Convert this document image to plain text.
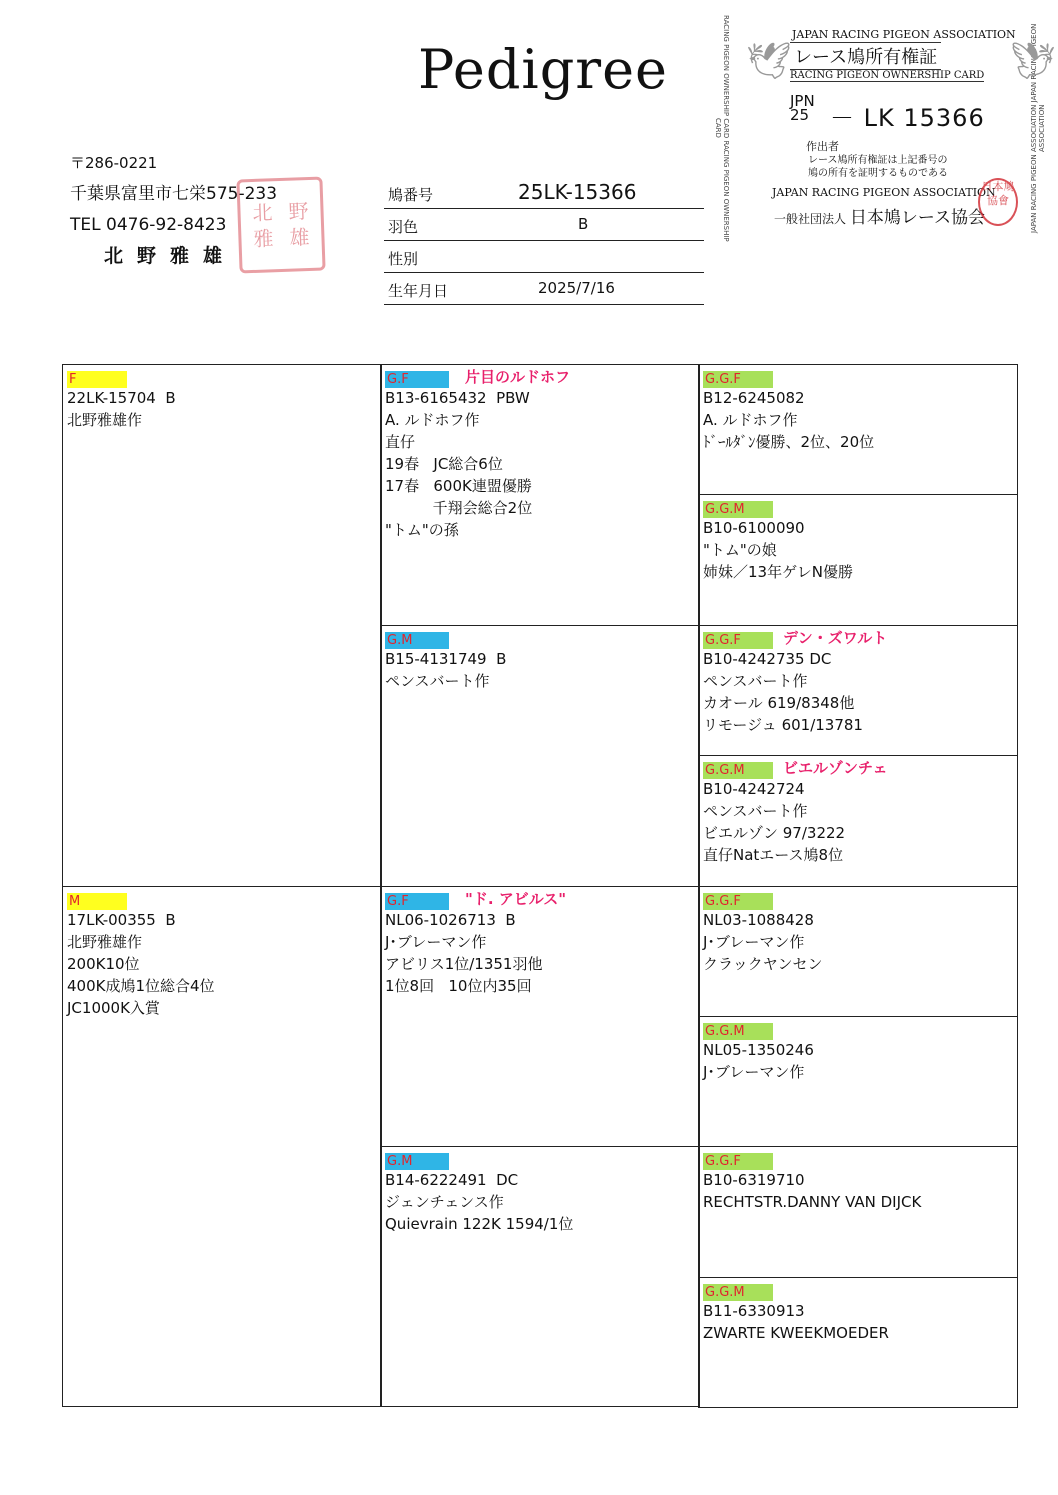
Pedigree
〒286-0221
千葉県富里市七栄575-233
TEL 0476-92-8423
北野雅雄
北 野
雅 雄
鳩番号	25LK-15366
羽色	B
性別
生年月日	2025/7/16
RACING PIGEON OWNERSHIP CARD RACING PIGEON OWNERSHIP CARD	JAPAN RACING PIGEON ASSOCIATION JAPAN RACING PIGEON ASSOCIATION
🕊	🕊
JAPAN RACING PIGEON ASSOCIATION
レース鳩所有権証
RACING PIGEON OWNERSHIP CARD
JPN
25 － LK 15366
作出者
レース鳩所有権証は上記番号の
鳩の所有を証明するものである
JAPAN RACING PIGEON ASSOCIATION
一般社団法人 日本鳩レース協会
日本鳩協會
F
22LK-15704  B
北野雅雄作
M
17LK-00355  B
北野雅雄作
200K10位
400K成鳩1位総合4位
JC1000K入賞
G.F	片目のルドホフ
B13-6165432  PBW
A. ルドホフ作
直仔
19春   JC総合6位
17春   600K連盟優勝
千翔会総合2位
"トム"の孫
G.M
B15-4131749  B
ペンスバート作
G.F	"ド. アビルス"
NL06-1026713  B
J･ブレーマン作
アビリス1位/1351羽他
1位8回   10位内35回
G.M
B14-6222491  DC
ジェンチェンス作
Quievrain 122K 1594/1位
G.G.F
B12-6245082
A. ルドホフ作
ﾄﾞｰﾙﾀﾞﾝ優勝、2位、20位
G.G.M
B10-6100090
"トム"の娘
姉妹／13年ゲレN優勝
G.G.F	デン・ズワルト
B10-4242735 DC
ペンスバート作
カオール 619/8348他
リモージュ 601/13781
G.G.M	ビエルゾンチェ
B10-4242724
ペンスバート作
ビエルゾン 97/3222
直仔Natエース鳩8位
G.G.F
NL03-1088428
J･ブレーマン作
クラックヤンセン
G.G.M
NL05-1350246
J･ブレーマン作
G.G.F
B10-6319710
RECHTSTR.DANNY VAN DIJCK
G.G.M
B11-6330913
ZWARTE KWEEKMOEDER
